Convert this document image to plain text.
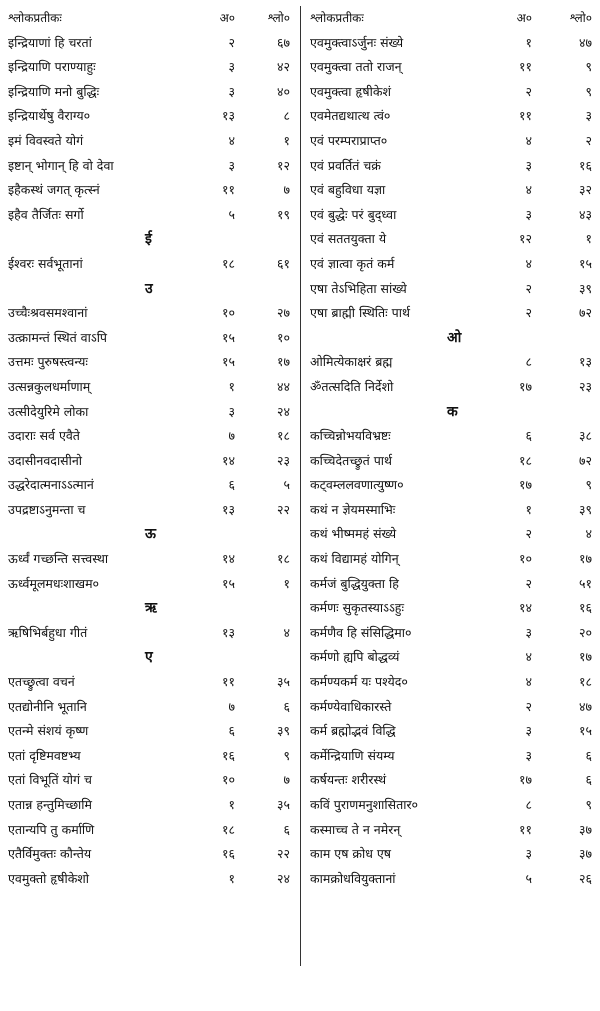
श्लोकप्रतीकः	अ०	श्लो०
इन्द्रियाणां हि चरतां	२	६७
इन्द्रियाणि पराण्याहुः	३	४२
इन्द्रियाणि मनो बुद्धिः	३	४०
इन्द्रियार्थेषु वैराग्य०	१३	८
इमं विवस्वते योगं	४	१
इष्टान् भोगान् हि वो देवा	३	१२
इहैकस्थं जगत् कृत्स्नं	११	७
इहैव तैर्जितः सर्गो	५	१९
ई
ईश्वरः सर्वभूतानां	१८	६१
उ
उच्चैःश्रवसमश्वानां	१०	२७
उत्क्रामन्तं स्थितं वाऽपि	१५	१०
उत्तमः पुरुषस्त्वन्यः	१५	१७
उत्सन्नकुलधर्माणाम्	१	४४
उत्सीदेयुरिमे लोका	३	२४
उदाराः सर्व एवैते	७	१८
उदासीनवदासीनो	१४	२३
उद्धरेदात्मनाऽऽत्मानं	६	५
उपद्रष्टाऽनुमन्ता च	१३	२२
ऊ
ऊर्ध्वं गच्छन्ति सत्त्वस्था	१४	१८
ऊर्ध्वमूलमधःशाखम०	१५	१
ऋ
ऋषिभिर्बहुधा गीतं	१३	४
ए
एतच्छ्रुत्वा वचनं	११	३५
एतद्योनीनि भूतानि	७	६
एतन्मे संशयं कृष्ण	६	३९
एतां दृष्टिमवष्टभ्य	१६	९
एतां विभूतिं योगं च	१०	७
एतान्न हन्तुमिच्छामि	१	३५
एतान्यपि तु कर्माणि	१८	६
एतैर्विमुक्तः कौन्तेय	१६	२२
एवमुक्तो हृषीकेशो	१	२४
श्लोकप्रतीकः	अ०	श्लो०
एवमुक्त्वाऽर्जुनः संख्ये	१	४७
एवमुक्त्वा ततो राजन्	११	९
एवमुक्त्वा हृषीकेशं	२	९
एवमेतद्यथात्थ त्वं०	११	३
एवं परम्पराप्राप्त०	४	२
एवं प्रवर्तितं चक्रं	३	१६
एवं बहुविधा यज्ञा	४	३२
एवं बुद्धेः परं बुद्ध्वा	३	४३
एवं सततयुक्ता ये	१२	१
एवं ज्ञात्वा कृतं कर्म	४	१५
एषा तेऽभिहिता सांख्ये	२	३९
एषा ब्राह्मी स्थितिः पार्थ	२	७२
ओ
ओमित्येकाक्षरं ब्रह्म	८	१३
ॐतत्सदिति निर्देशो	१७	२३
क
कच्चिन्नोभयविभ्रष्टः	६	३८
कच्चिदेतच्छ्रुतं पार्थ	१८	७२
कट्वम्ललवणात्युष्ण०	१७	९
कथं न ज्ञेयमस्माभिः	१	३९
कथं भीष्ममहं संख्ये	२	४
कथं विद्यामहं योगिन्	१०	१७
कर्मजं बुद्धियुक्ता हि	२	५१
कर्मणः सुकृतस्याऽऽहुः	१४	१६
कर्मणैव हि संसिद्धिमा०	३	२०
कर्मणो ह्यपि बोद्धव्यं	४	१७
कर्मण्यकर्म यः पश्येद०	४	१८
कर्मण्येवाधिकारस्ते	२	४७
कर्म ब्रह्मोद्भवं विद्धि	३	१५
कर्मेन्द्रियाणि संयम्य	३	६
कर्षयन्तः शरीरस्थं	१७	६
कविं पुराणमनुशासितार०	८	९
कस्माच्च ते न नमेरन्	११	३७
काम एष क्रोध एष	३	३७
कामक्रोधवियुक्तानां	५	२६
